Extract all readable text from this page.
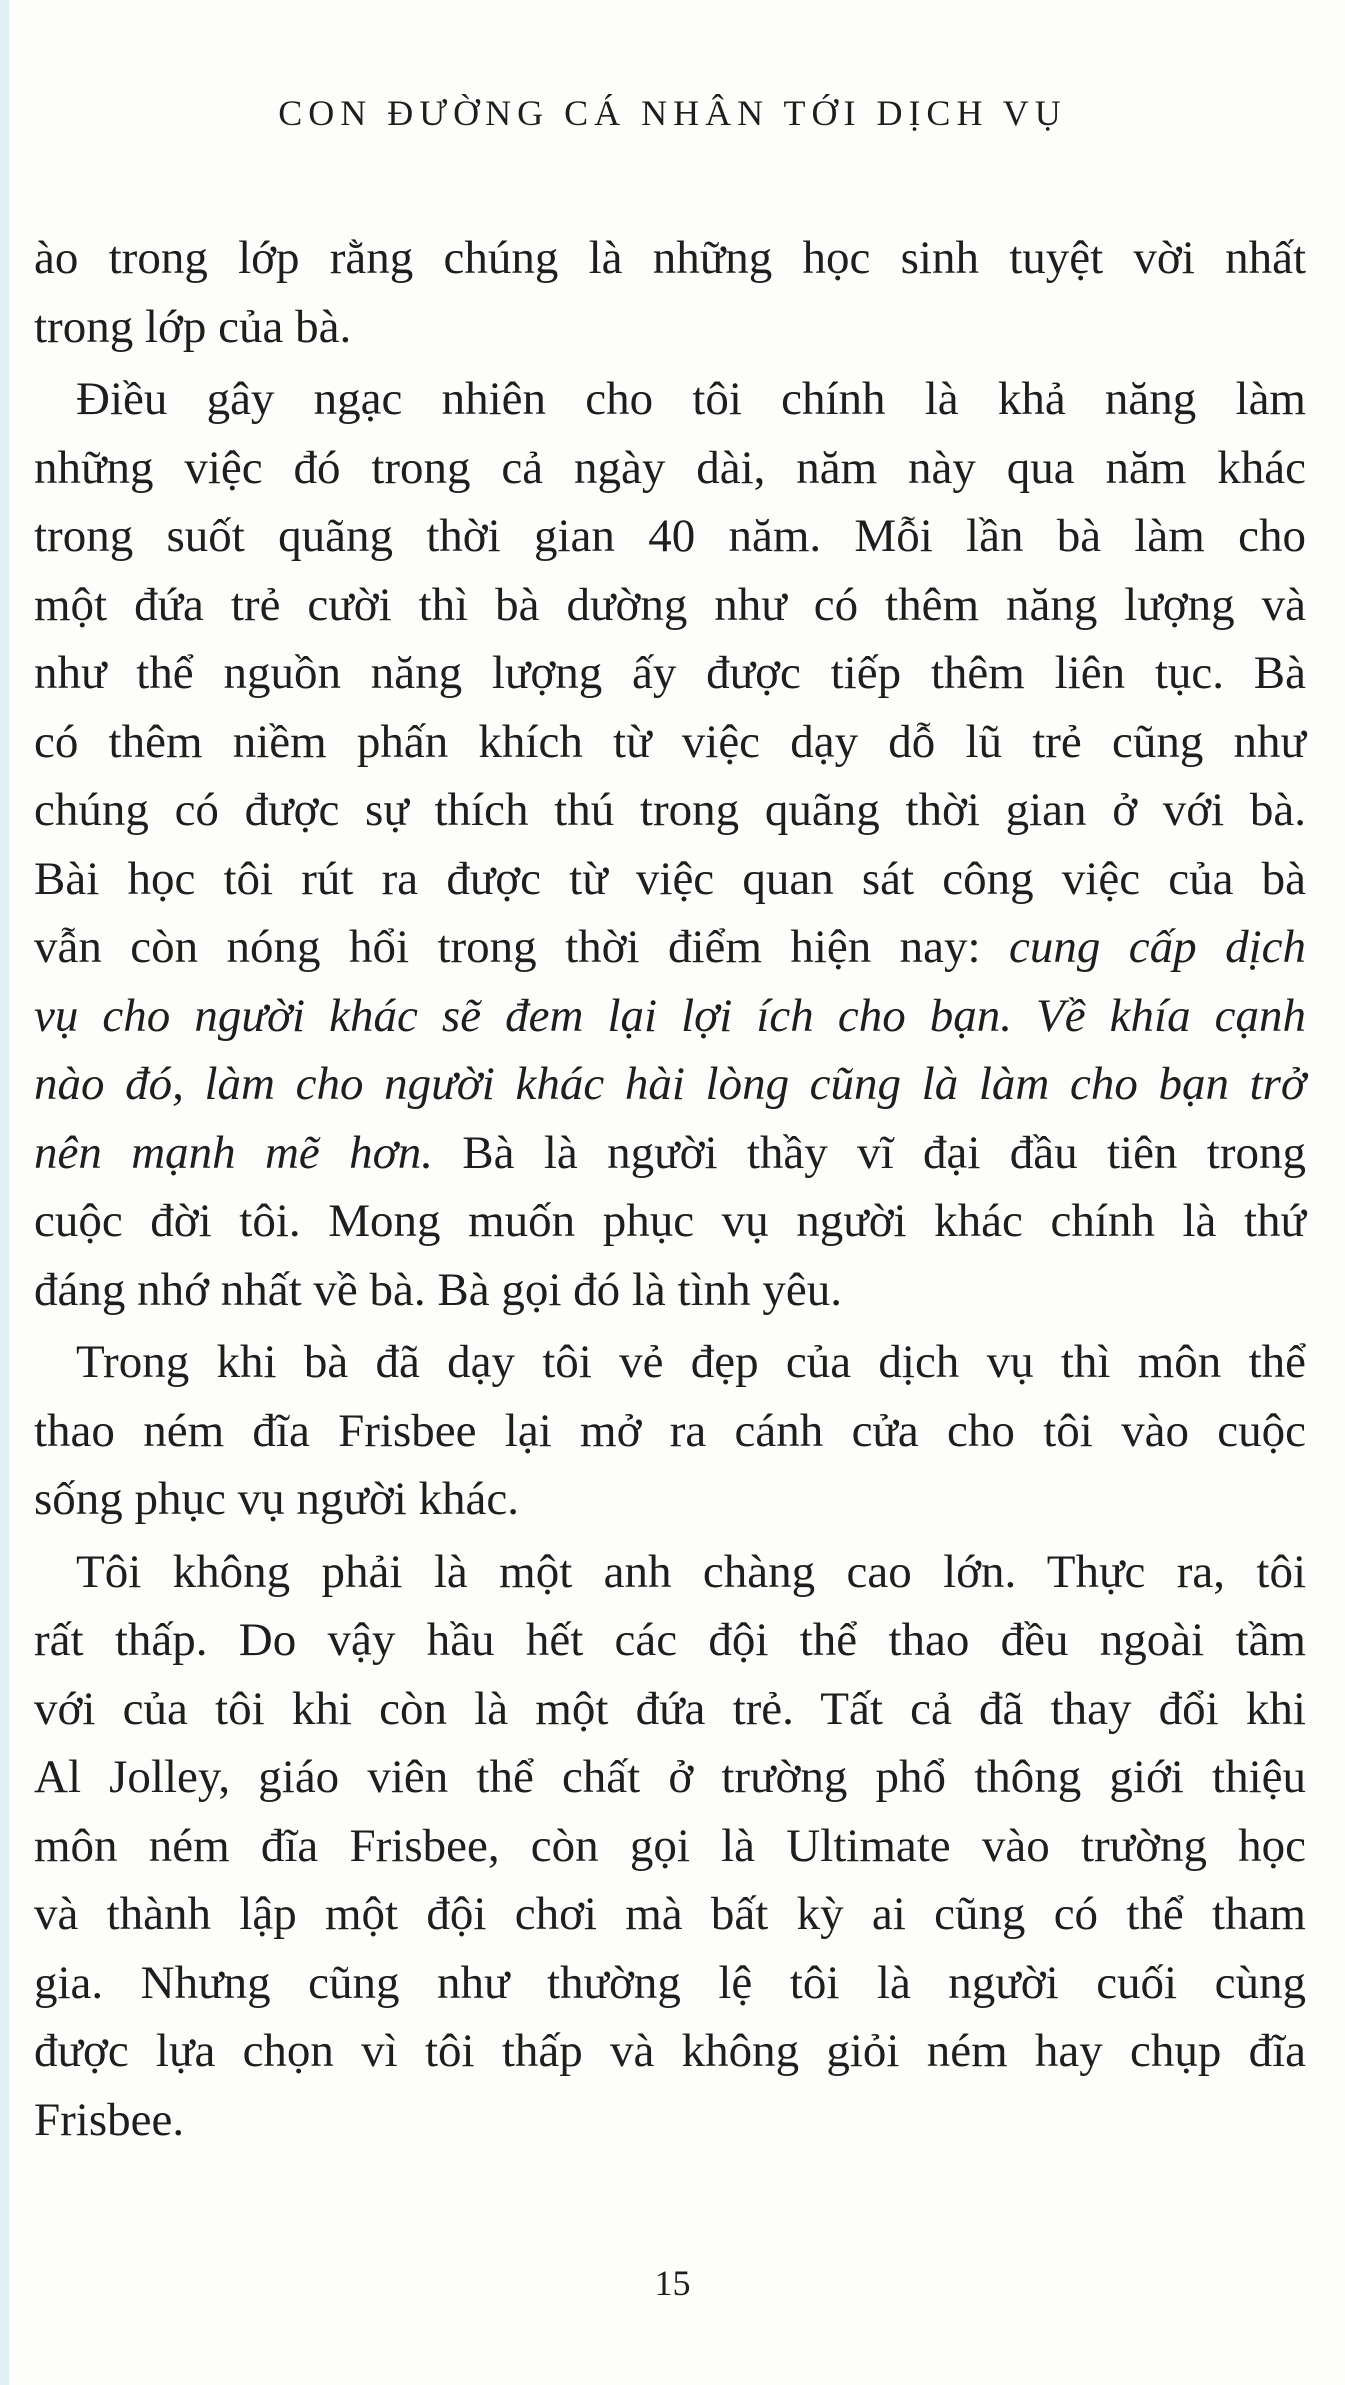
CON ĐƯỜNG CÁ NHÂN TỚI DỊCH VỤ
ào trong lớp rằng chúng là những học sinh tuyệt vời nhất
trong lớp của bà.
Điều gây ngạc nhiên cho tôi chính là khả năng làm
những việc đó trong cả ngày dài, năm này qua năm khác
trong suốt quãng thời gian 40 năm. Mỗi lần bà làm cho
một đứa trẻ cười thì bà dường như có thêm năng lượng và
như thể nguồn năng lượng ấy được tiếp thêm liên tục. Bà
có thêm niềm phấn khích từ việc dạy dỗ lũ trẻ cũng như
chúng có được sự thích thú trong quãng thời gian ở với bà.
Bài học tôi rút ra được từ việc quan sát công việc của bà
vẫn còn nóng hổi trong thời điểm hiện nay: cung cấp dịch
vụ cho người khác sẽ đem lại lợi ích cho bạn. Về khía cạnh
nào đó, làm cho người khác hài lòng cũng là làm cho bạn trở
nên mạnh mẽ hơn. Bà là người thầy vĩ đại đầu tiên trong
cuộc đời tôi. Mong muốn phục vụ người khác chính là thứ
đáng nhớ nhất về bà. Bà gọi đó là tình yêu.
Trong khi bà đã dạy tôi vẻ đẹp của dịch vụ thì môn thể
thao ném đĩa Frisbee lại mở ra cánh cửa cho tôi vào cuộc
sống phục vụ người khác.
Tôi không phải là một anh chàng cao lớn. Thực ra, tôi
rất thấp. Do vậy hầu hết các đội thể thao đều ngoài tầm
với của tôi khi còn là một đứa trẻ. Tất cả đã thay đổi khi
Al Jolley, giáo viên thể chất ở trường phổ thông giới thiệu
môn ném đĩa Frisbee, còn gọi là Ultimate vào trường học
và thành lập một đội chơi mà bất kỳ ai cũng có thể tham
gia. Nhưng cũng như thường lệ tôi là người cuối cùng
được lựa chọn vì tôi thấp và không giỏi ném hay chụp đĩa
Frisbee.
15
